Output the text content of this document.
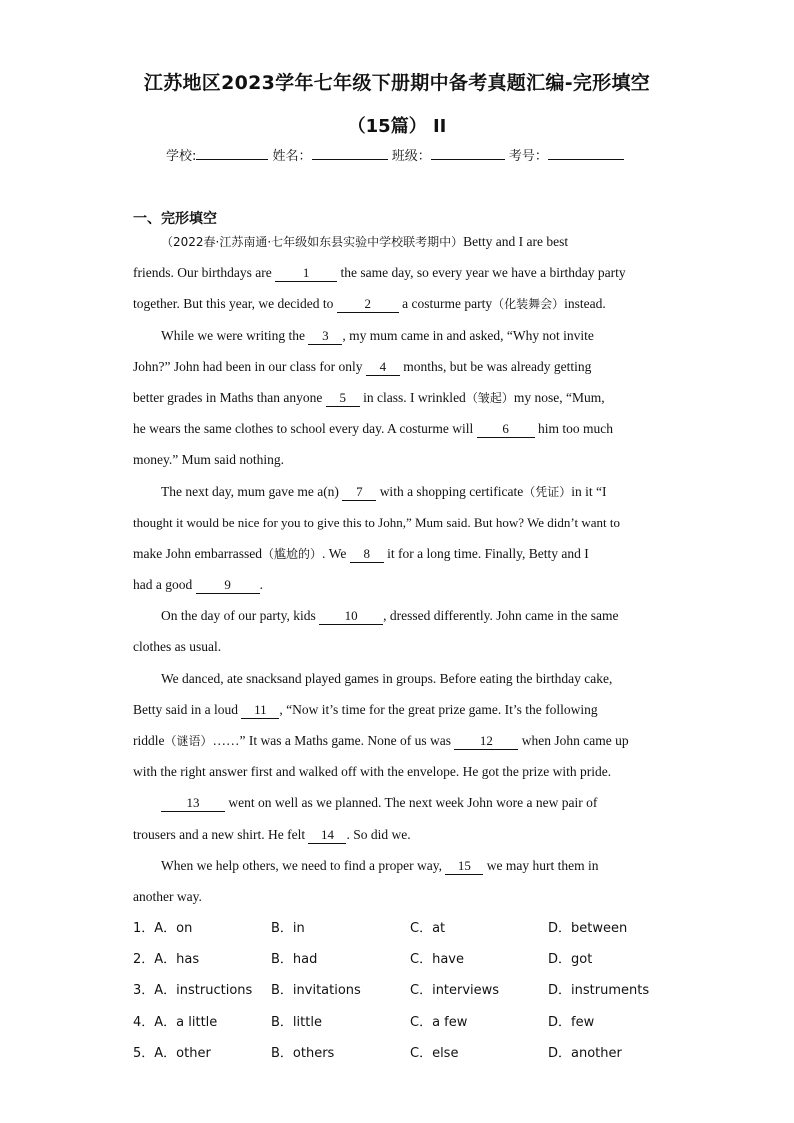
江苏地区2023学年七年级下册期中备考真题汇编-完形填空
（15篇） II
学校:	姓名：	班级：	考号：
一、完形填空
（2022春·江苏南通·七年级如东县实验中学校联考期中）Betty and I are best
friends. Our birthdays are 1 the same day, so every year we have a birthday party
together. But this year, we decided to 2 a costurme party（化装舞会）instead.
While we were writing the 3 , my mum came in and asked, “Why not invite
John?” John had been in our class for only 4 months, but be was already getting
better grades in Maths than anyone 5 in class. I wrinkled（皱起）my nose, “Mum,
he wears the same clothes to school every day. A costurme will 6 him too much
money.” Mum said nothing.
The next day, mum gave me a(n) 7 with a shopping certificate（凭证）in it “I
thought it would be nice for you to give this to John,” Mum said. But how? We didn’t want to
make John embarrassed（尴尬的）. We 8 it for a long time. Finally, Betty and I
had a good 9 .
On the day of our party, kids 10 , dressed differently. John came in the same
clothes as usual.
We danced, ate snacksand played games in groups. Before eating the birthday cake,
Betty said in a loud 11 , “Now it’s time for the great prize game. It’s the following
riddle（谜语）……” It was a Maths game. None of us was 12 when John came up
with the right answer first and walked off with the envelope. He got the prize with pride.
13 went on well as we planned. The next week John wore a new pair of
trousers and a new shirt. He felt 14 . So did we.
When we help others, we need to find a proper way, 15 we may hurt them in
another way.
1．A．on	B．in	C．at	D．between
2．A．has	B．had	C．have	D．got
3．A．instructions B．invitations	C．interviews	D．instruments
4．A．a little	B．little	C．a few	D．few
5．A．other	B．others	C．else	D．another
